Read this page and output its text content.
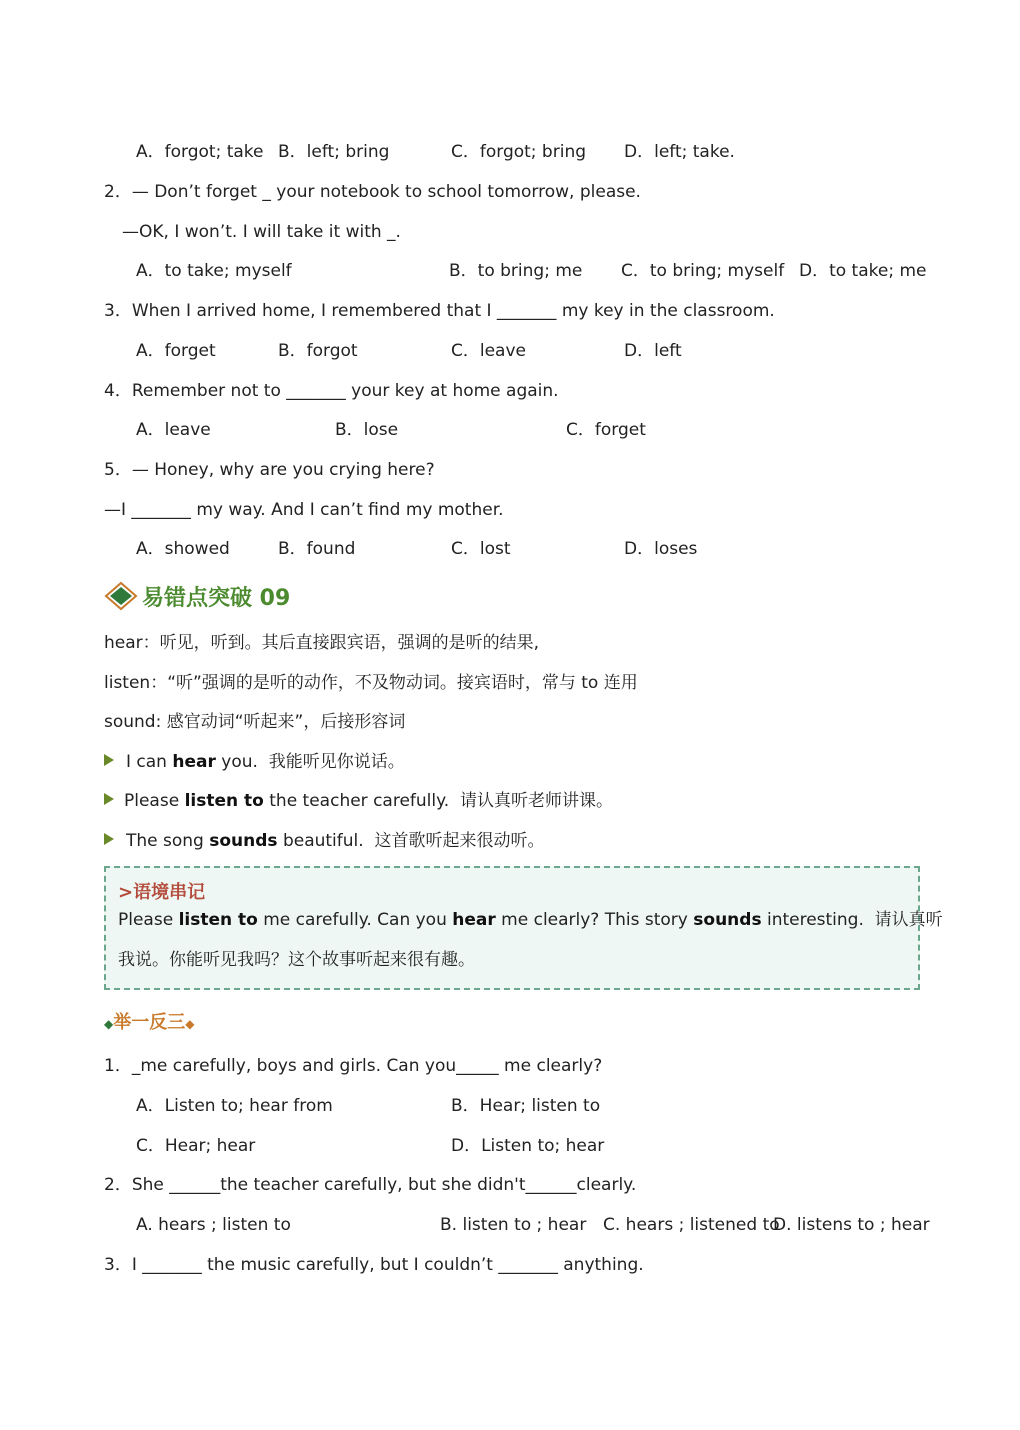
A．forgot; take B．left; bring	C．forgot; bring D．left; take.
2．— Don’t forget _ your notebook to school tomorrow, please.
—OK, I won’t. I will take it with _.
A．to take; myself	B．to bring; me C．to bring; myself D．to take; me
3．When I arrived home, I remembered that I _______ my key in the classroom.
A．forget	B．forgot	C．leave	D．left
4．Remember not to _______ your key at home again.
A．leave	B．lose	C．forget
5．— Honey, why are you crying here?
—I _______ my way. And I can’t find my mother.
A．showed	B．found	C．lost	D．loses
易错点突破 09
hear：听见，听到。其后直接跟宾语，强调的是听的结果,
listen：“听”强调的是听的动作，不及物动词。接宾语时，常与 to 连用
sound: 感官动词“听起来”，后接形容词
I can hear you.  我能听见你说话。
Please listen to the teacher carefully.  请认真听老师讲课。
The song sounds beautiful.  这首歌听起来很动听。
>语境串记
Please listen to me carefully. Can you hear me clearly? This story sounds interesting.  请认真听
我说。你能听见我吗？这个故事听起来很有趣。
◆举一反三◆
1．_me carefully, boys and girls. Can you_____ me clearly?
A．Listen to; hear from	B．Hear; listen to
C．Hear; hear	D．Listen to; hear
2．She ______the teacher carefully, but she didn't______clearly.
A. hears ; listen to	B. listen to ; hear C. hears ; listened to
D. listens to ; hear
3．I _______ the music carefully, but I couldn’t _______ anything.
